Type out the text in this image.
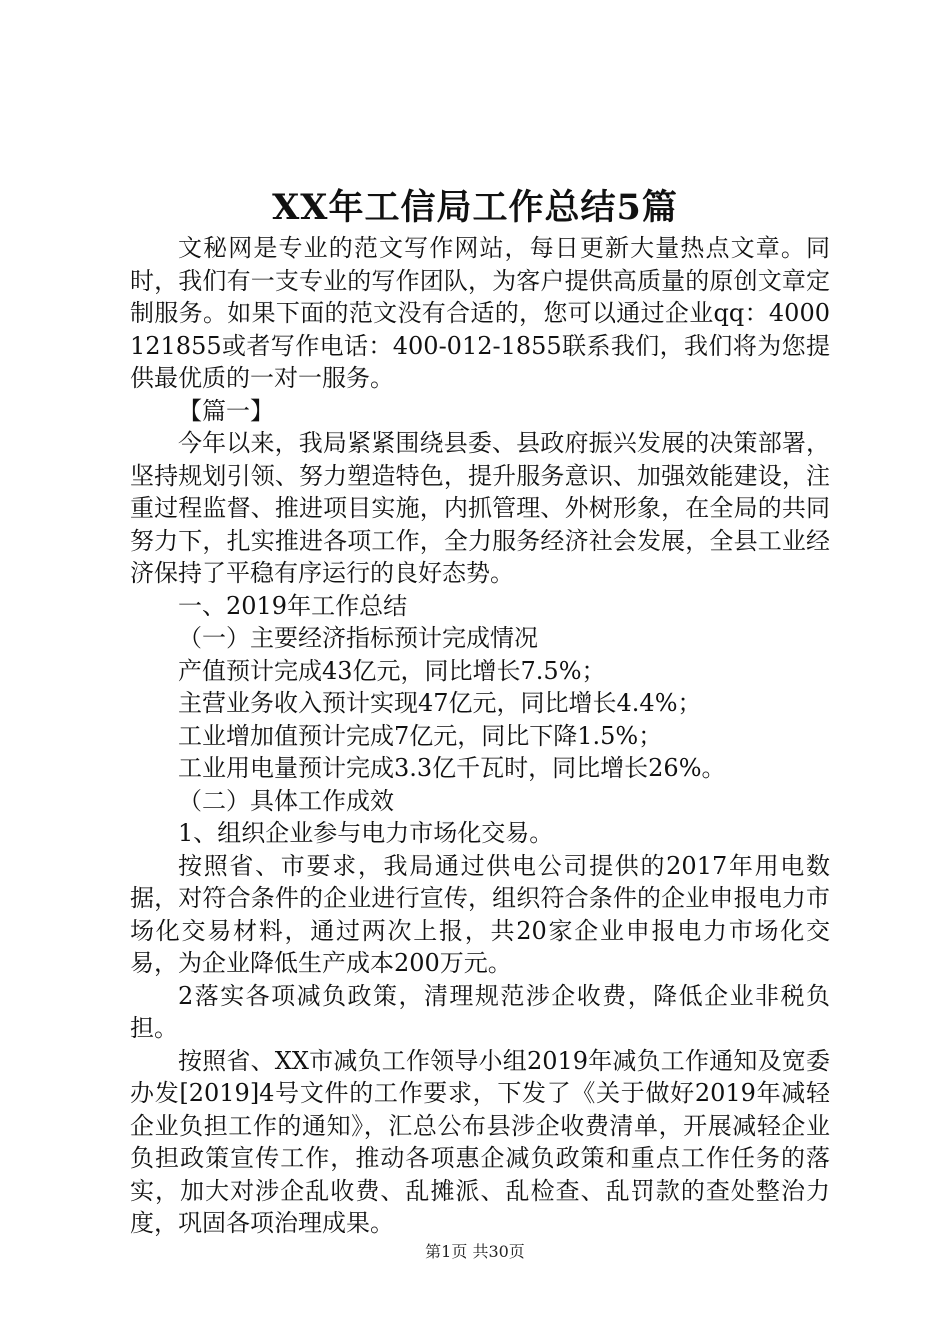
XX年工信局工作总结5篇

文秘网是专业的范文写作网站，每日更新大量热点文章。同时，我们有一支专业的写作团队，为客户提供高质量的原创文章定制服务。如果下面的范文没有合适的，您可以通过企业qq：4000121855或者写作电话：400-012-1855联系我们，我们将为您提供最优质的一对一服务。

【篇一】

今年以来，我局紧紧围绕县委、县政府振兴发展的决策部署，坚持规划引领、努力塑造特色，提升服务意识、加强效能建设，注重过程监督、推进项目实施，内抓管理、外树形象，在全局的共同努力下，扎实推进各项工作，全力服务经济社会发展，全县工业经济保持了平稳有序运行的良好态势。

一、2019年工作总结

（一）主要经济指标预计完成情况

产值预计完成43亿元，同比增长7.5%；

主营业务收入预计实现47亿元，同比增长4.4%；

工业增加值预计完成7亿元，同比下降1.5%；

工业用电量预计完成3.3亿千瓦时，同比增长26%。

（二）具体工作成效

1、组织企业参与电力市场化交易。

按照省、市要求，我局通过供电公司提供的2017年用电数据，对符合条件的企业进行宣传，组织符合条件的企业申报电力市场化交易材料，通过两次上报，共20家企业申报电力市场化交易，为企业降低生产成本200万元。

2落实各项减负政策，清理规范涉企收费，降低企业非税负担。

按照省、XX市减负工作领导小组2019年减负工作通知及宽委办发[2019]4号文件的工作要求，下发了《关于做好2019年减轻企业负担工作的通知》，汇总公布县涉企收费清单，开展减轻企业负担政策宣传工作，推动各项惠企减负政策和重点工作任务的落实，加大对涉企乱收费、乱摊派、乱检查、乱罚款的查处整治力度，巩固各项治理成果。

第1页 共30页
